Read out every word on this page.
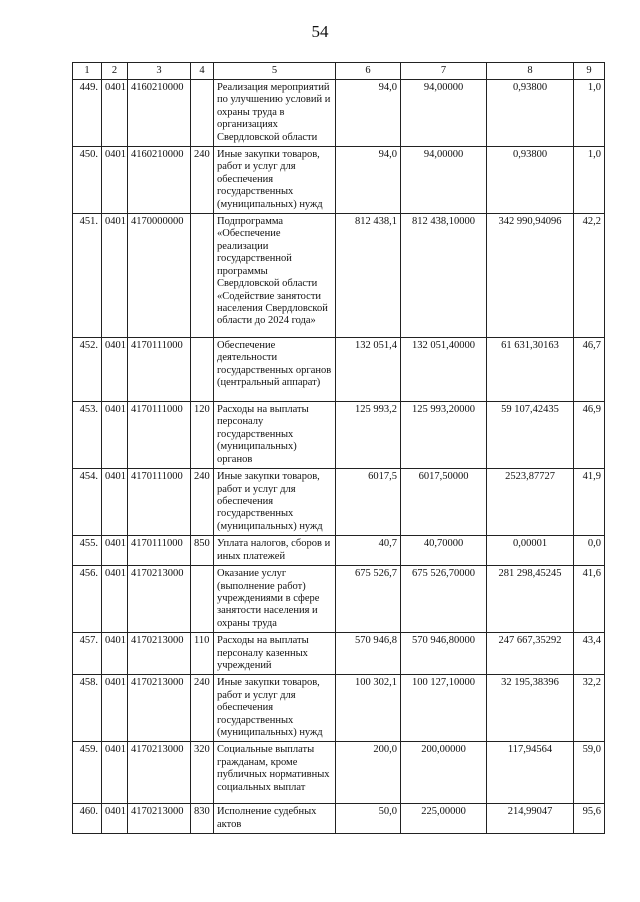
54
1	2	3	4	5	6	7	8	9
449.	0401	4160210000		Реализация мероприятий по улучшению условий и охраны труда в организациях Свердловской области	94,0	94,00000	0,93800	1,0
450.	0401	4160210000	240	Иные закупки товаров, работ и услуг для обеспечения государственных (муниципальных) нужд	94,0	94,00000	0,93800	1,0
451.	0401	4170000000		Подпрограмма «Обеспечение реализации государственной программы Свердловской области «Содействие занятости населения Свердловской области до 2024 года»	812 438,1	812 438,10000	342 990,94096	42,2
452.	0401	4170111000		Обеспечение деятельности государственных органов (центральный аппарат)	132 051,4	132 051,40000	61 631,30163	46,7
453.	0401	4170111000	120	Расходы на выплаты персоналу государственных (муниципальных) органов	125 993,2	125 993,20000	59 107,42435	46,9
454.	0401	4170111000	240	Иные закупки товаров, работ и услуг для обеспечения государственных (муниципальных) нужд	6017,5	6017,50000	2523,87727	41,9
455.	0401	4170111000	850	Уплата налогов, сборов и иных платежей	40,7	40,70000	0,00001	0,0
456.	0401	4170213000		Оказание услуг (выполнение работ) учреждениями в сфере занятости населения и охраны труда	675 526,7	675 526,70000	281 298,45245	41,6
457.	0401	4170213000	110	Расходы на выплаты персоналу казенных учреждений	570 946,8	570 946,80000	247 667,35292	43,4
458.	0401	4170213000	240	Иные закупки товаров, работ и услуг для обеспечения государственных (муниципальных) нужд	100 302,1	100 127,10000	32 195,38396	32,2
459.	0401	4170213000	320	Социальные выплаты гражданам, кроме публичных нормативных социальных выплат	200,0	200,00000	117,94564	59,0
460.	0401	4170213000	830	Исполнение судебных актов	50,0	225,00000	214,99047	95,6
